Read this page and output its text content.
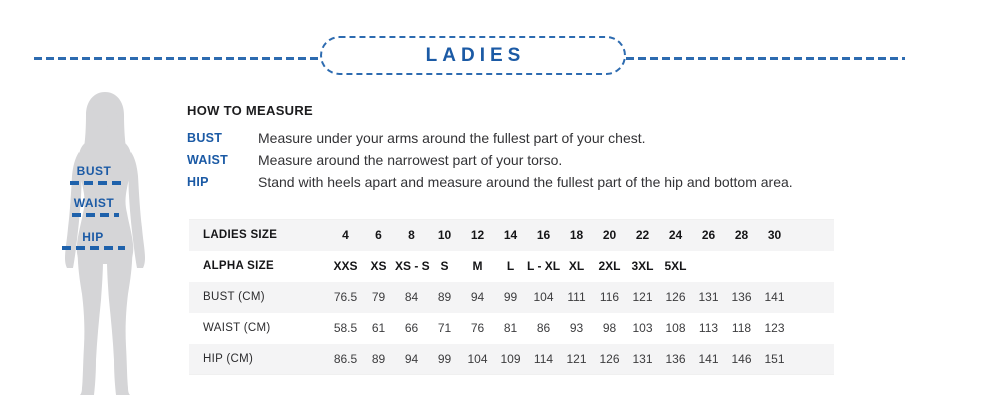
LADIES
BUST
WAIST
HIP
HOW TO MEASURE
BUST	Measure under your arms around the fullest part of your chest.
WAIST	Measure around the narrowest part of your torso.
HIP	Stand with heels apart and measure around the fullest part of the hip and bottom area.
LADIES SIZE	4	6	8	10	12	14	16	18	20	22	24	26	28	30	
ALPHA SIZE	XXS	XS	XS - S	S	M	L	L - XL	XL	2XL	3XL	5XL				
BUST (CM)	76.5	79	84	89	94	99	104	111	116	121	126	131	136	141	
WAIST (CM)	58.5	61	66	71	76	81	86	93	98	103	108	113	118	123	
HIP (CM)	86.5	89	94	99	104	109	114	121	126	131	136	141	146	151	
